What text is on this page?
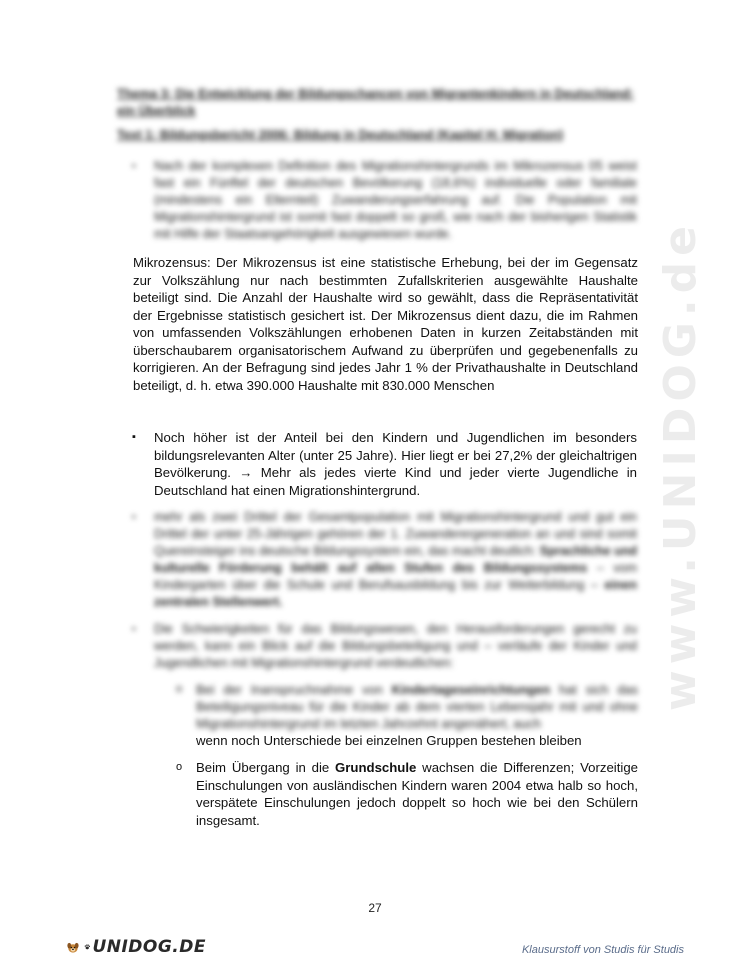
www.UNIDOG.de
Thema 3: Die Entwicklung der Bildungschancen von Migrantenkindern in Deutschland: ein Überblick
Text 1: Bildungsbericht 2006: Bildung in Deutschland (Kapitel H: Migration)
▪ Nach der komplexen Definition des Migrationshintergrunds im Mikrozensus 05 weist fast ein Fünftel der deutschen Bevölkerung (18,6%) individuelle oder familiale (mindestens ein Elternteil) Zuwanderungserfahrung auf. Die Population mit Migrationshintergrund ist somit fast doppelt so groß, wie nach der bisherigen Statistik mit Hilfe der Staatsangehörigkeit ausgewiesen wurde.
Mikrozensus: Der Mikrozensus ist eine statistische Erhebung, bei der im Gegensatz zur Volkszählung nur nach bestimmten Zufallskriterien ausgewählte Haushalte beteiligt sind. Die Anzahl der Haushalte wird so gewählt, dass die Repräsentativität der Ergebnisse statistisch gesichert ist. Der Mikrozensus dient dazu, die im Rahmen von umfassenden Volkszählungen erhobenen Daten in kurzen Zeitabständen mit überschaubarem organisatorischem Aufwand zu überprüfen und gegebenenfalls zu korrigieren. An der Befragung sind jedes Jahr 1 % der Privathaushalte in Deutschland beteiligt, d. h. etwa 390.000 Haushalte mit 830.000 Menschen
▪ Noch höher ist der Anteil bei den Kindern und Jugendlichen im besonders bildungsrelevanten Alter (unter 25 Jahre). Hier liegt er bei 27,2% der gleichaltrigen Bevölkerung. → Mehr als jedes vierte Kind und jeder vierte Jugendliche in Deutschland hat einen Migrationshintergrund.
▪ mehr als zwei Drittel der Gesamtpopulation mit Migrationshintergrund und gut ein Drittel der unter 25-Jährigen gehören der 1. Zuwanderergeneration an und sind somit Quereinsteiger ins deutsche Bildungssystem ein, das macht deutlich: Sprachliche und kulturelle Förderung behält auf allen Stufen des Bildungssystems – vom Kindergarten über die Schule und Berufsausbildung bis zur Weiterbildung – einen zentralen Stellenwert.
▪ Die Schwierigkeiten für das Bildungswesen, den Herausforderungen gerecht zu werden, kann ein Blick auf die Bildungsbeteiligung und – verläufe der Kinder und Jugendlichen mit Migrationshintergrund verdeutlichen:
o Bei der Inanspruchnahme von Kindertageseinrichtungen hat sich das Beteiligungsniveau für die Kinder ab dem vierten Lebensjahr mit und ohne Migrationshintergrund im letzten Jahrzehnt angenähert, auch
wenn noch Unterschiede bei einzelnen Gruppen bestehen bleiben
o Beim Übergang in die Grundschule wachsen die Differenzen; Vorzeitige Einschulungen von ausländischen Kindern waren 2004 etwa halb so hoch, verspätete Einschulungen jedoch doppelt so hoch wie bei den Schülern insgesamt.
27
UNIDOG.DE	Klausurstoff von Studis für Studis
